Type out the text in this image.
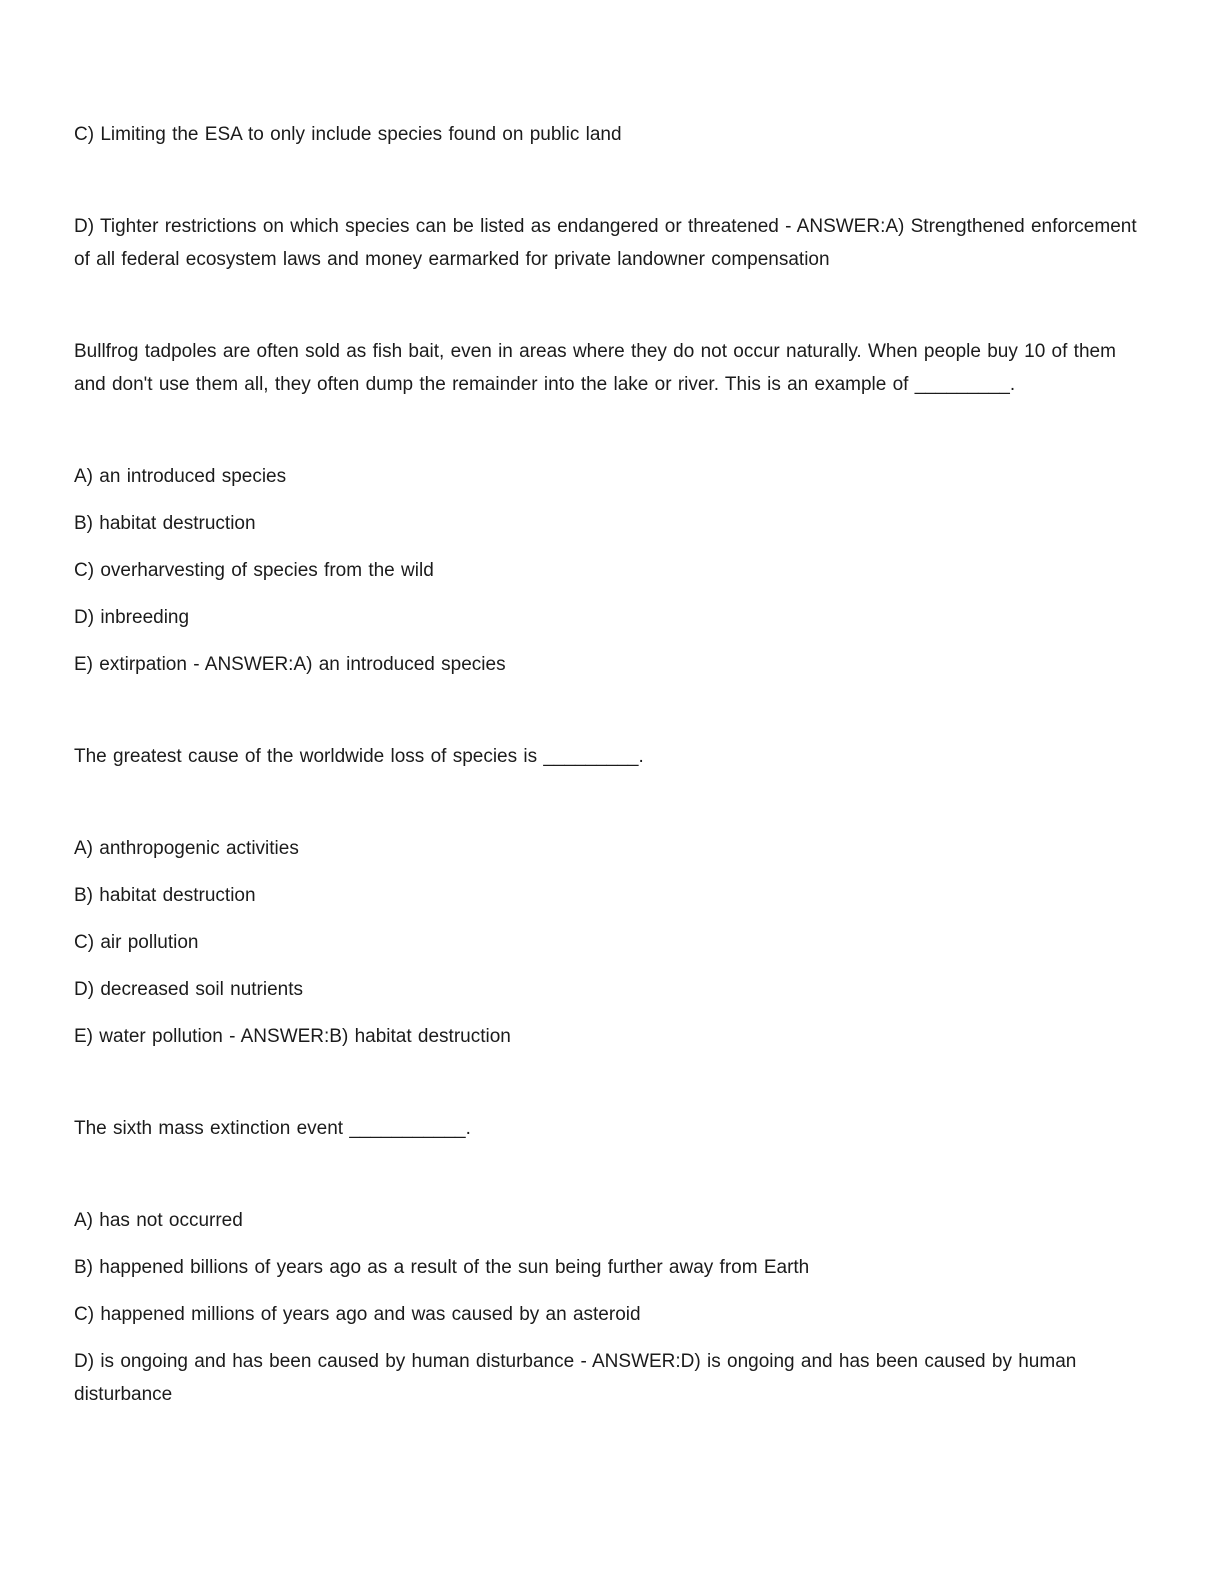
C) Limiting the ESA to only include species found on public land

D) Tighter restrictions on which species can be listed as endangered or threatened - ANSWER:A) Strengthened enforcement of all federal ecosystem laws and money earmarked for private landowner compensation

Bullfrog tadpoles are often sold as fish bait, even in areas where they do not occur naturally. When people buy 10 of them and don't use them all, they often dump the remainder into the lake or river. This is an example of _________.

A) an introduced species

B) habitat destruction

C) overharvesting of species from the wild

D) inbreeding

E) extirpation - ANSWER:A) an introduced species

The greatest cause of the worldwide loss of species is _________.

A) anthropogenic activities

B) habitat destruction

C) air pollution

D) decreased soil nutrients

E) water pollution - ANSWER:B) habitat destruction

The sixth mass extinction event ___________.

A) has not occurred

B) happened billions of years ago as a result of the sun being further away from Earth

C) happened millions of years ago and was caused by an asteroid

D) is ongoing and has been caused by human disturbance - ANSWER:D) is ongoing and has been caused by human disturbance
